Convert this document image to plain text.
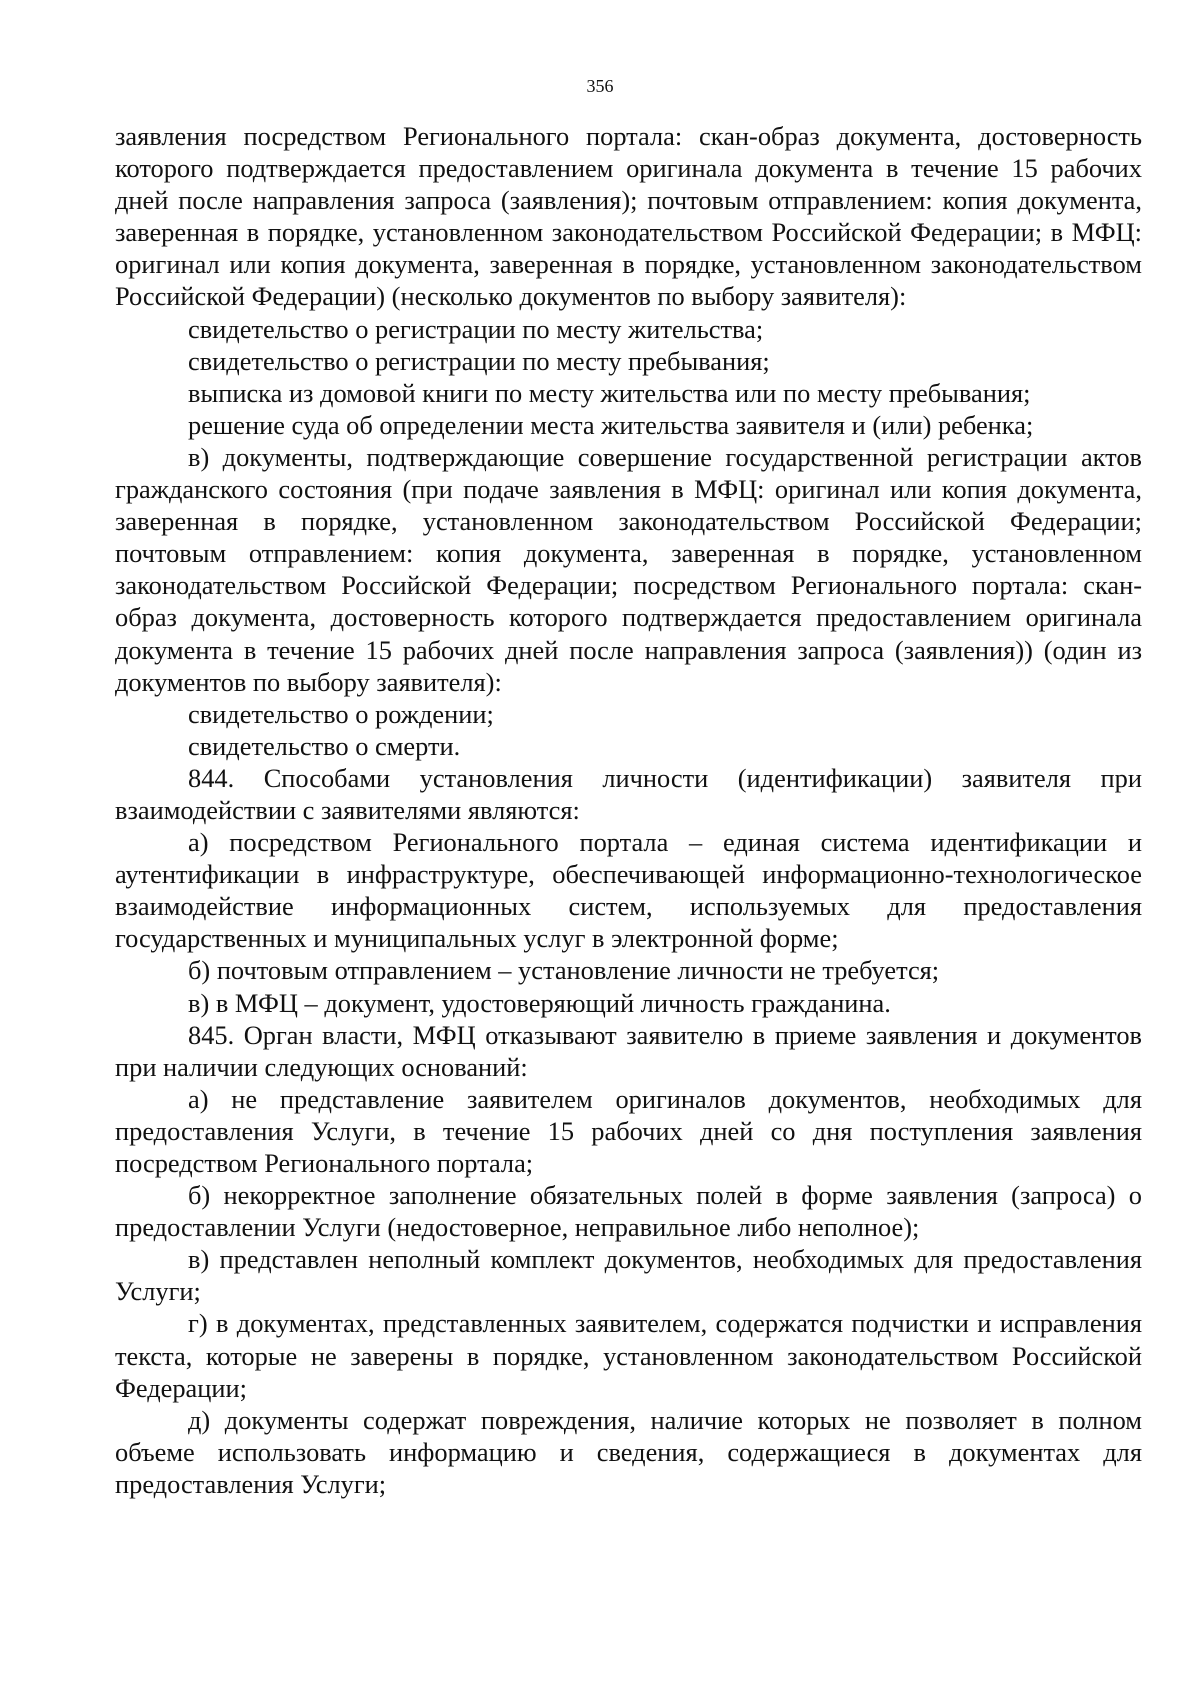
356

заявления посредством Регионального портала: скан-образ документа, достоверность которого подтверждается предоставлением оригинала документа в течение 15 рабочих дней после направления запроса (заявления); почтовым отправлением: копия документа, заверенная в порядке, установленном законодательством Российской Федерации; в МФЦ: оригинал или копия документа, заверенная в порядке, установленном законодательством Российской Федерации) (несколько документов по выбору заявителя):

свидетельство о регистрации по месту жительства;

свидетельство о регистрации по месту пребывания;

выписка из домовой книги по месту жительства или по месту пребывания;

решение суда об определении места жительства заявителя и (или) ребенка;

в) документы, подтверждающие совершение государственной регистрации актов гражданского состояния (при подаче заявления в МФЦ: оригинал или копия документа, заверенная в порядке, установленном законодательством Российской Федерации; почтовым отправлением: копия документа, заверенная в порядке, установленном законодательством Российской Федерации; посредством Регионального портала: скан-образ документа, достоверность которого подтверждается предоставлением оригинала документа в течение 15 рабочих дней после направления запроса (заявления)) (один из документов по выбору заявителя):

свидетельство о рождении;

свидетельство о смерти.

844. Способами установления личности (идентификации) заявителя при взаимодействии с заявителями являются:

а) посредством Регионального портала – единая система идентификации и аутентификации в инфраструктуре, обеспечивающей информационно-технологическое взаимодействие информационных систем, используемых для предоставления государственных и муниципальных услуг в электронной форме;

б) почтовым отправлением – установление личности не требуется;

в) в МФЦ – документ, удостоверяющий личность гражданина.

845. Орган власти, МФЦ отказывают заявителю в приеме заявления и документов при наличии следующих оснований:

а) не представление заявителем оригиналов документов, необходимых для предоставления Услуги, в течение 15 рабочих дней со дня поступления заявления посредством Регионального портала;

б) некорректное заполнение обязательных полей в форме заявления (запроса) о предоставлении Услуги (недостоверное, неправильное либо неполное);

в) представлен неполный комплект документов, необходимых для предоставления Услуги;

г) в документах, представленных заявителем, содержатся подчистки и исправления текста, которые не заверены в порядке, установленном законодательством Российской Федерации;

д) документы содержат повреждения, наличие которых не позволяет в полном объеме использовать информацию и сведения, содержащиеся в документах для предоставления Услуги;
